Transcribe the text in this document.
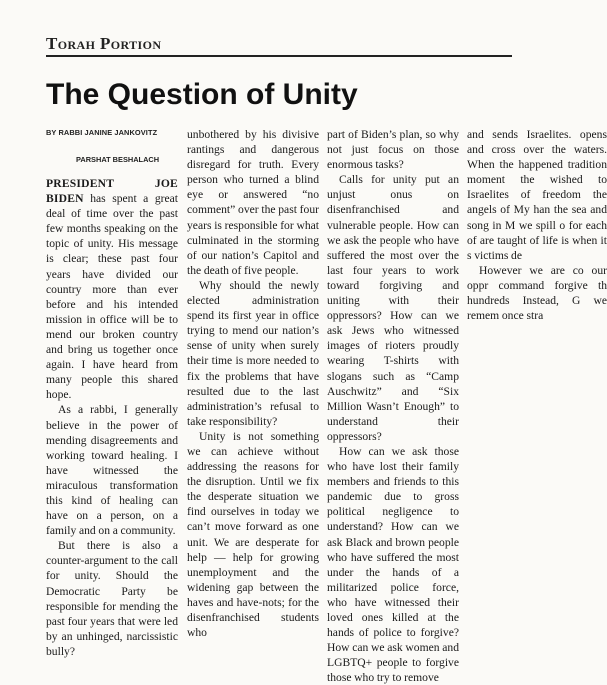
Torah Portion
The Question of Unity
BY RABBI JANINE JANKOVITZ
PARSHAT BESHALACH

PRESIDENT JOE BIDEN has spent a great deal of time over the past few months speaking on the topic of unity. His message is clear; these past four years have divided our country more than ever before and his intended mission in office will be to mend our broken country and bring us together once again. I have heard from many people this shared hope.

As a rabbi, I generally believe in the power of mending disagreements and working toward healing. I have witnessed the miraculous transformation this kind of healing can have on a person, on a family and on a community.

But there is also a counter-argument to the call for unity. Should the Democratic Party be responsible for mending the past four years that were led by an unhinged, narcissistic bully?

unbothered by his divisive rantings and dangerous disregard for truth. Every person who turned a blind eye or answered “no comment” over the past four years is responsible for what culminated in the storming of our nation’s Capitol and the death of five people.

Why should the newly elected administration spend its first year in office trying to mend our nation’s sense of unity when surely their time is more needed to fix the problems that have resulted due to the last administration’s refusal to take responsibility?

Unity is not something we can achieve without addressing the reasons for the disruption. Until we fix the desperate situation we find ourselves in today we can’t move forward as one unit. We are desperate for help — help for growing unemployment and the widening gap between the haves and have-nots; for the disenfranchised students who

part of Biden’s plan, so why not just focus on those enormous tasks?

Calls for unity put an unjust onus on disenfranchised and vulnerable people. How can we ask the people who have suffered the most over the last four years to work toward forgiving and uniting with their oppressors? How can we ask Jews who witnessed images of rioters proudly wearing T-shirts with slogans such as “Camp Auschwitz” and “Six Million Wasn’t Enough” to understand their oppressors?

How can we ask those who have lost their family members and friends to this pandemic due to gross political negligence to understand? How can we ask Black and brown people who have suffered the most under the hands of a militarized police force, who have witnessed their loved ones killed at the hands of police to forgive? How can we ask women and LGBTQ+ people to forgive those who try to remove

and sends Israelites. opens and cross over the waters. When the happened tradition moment the wished to Israelites of freedom the angels of My han the sea and song in M we spill o for each of are taught of life is when it s victims de

However we are co our oppr command forgive th hundreds Instead, G we remem once stra
